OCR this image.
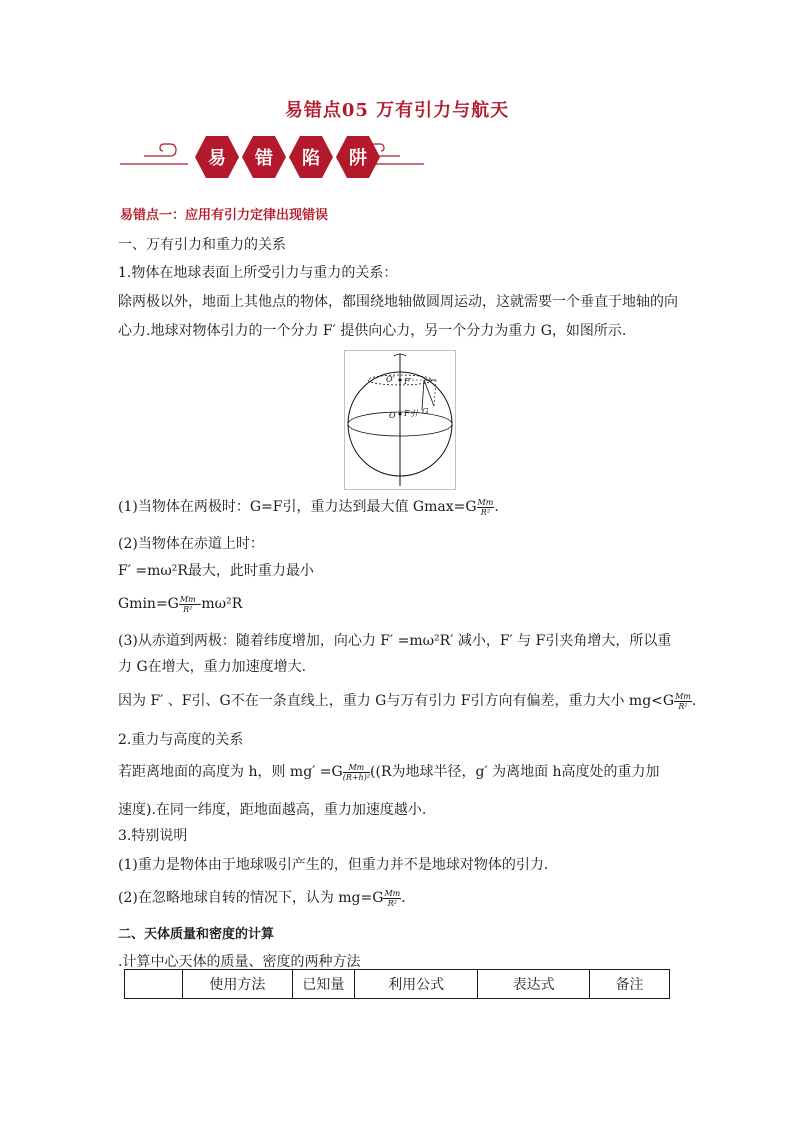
易错点05 万有引力与航天
易 错 陷 阱
易错点一：应用有引力定律出现错误
一、万有引力和重力的关系
1.物体在地球表面上所受引力与重力的关系：
除两极以外，地面上其他点的物体，都围绕地轴做圆周运动，这就需要一个垂直于地轴的向
心力.地球对物体引力的一个分力 F′ 提供向心力，另一个分力为重力 G，如图所示.
O′ F′
O F引 G
(1)当物体在两极时：G=F引，重力达到最大值 $Gmax=G \frac{Mm}{\text{R²}}$ .
(2)当物体在赤道上时：
F′ =mω²R最大，此时重力最小
$Gmin=G \frac{Mm}{\text{R²}} -m\omega^2R$
(3)从赤道到两极：随着纬度增加，向心力 F′ =mω²R′ 减小，F′ 与 F引夹角增大，所以重
力 G在增大，重力加速度增大.
因为 F′ 、F引、G不在一条直线上，重力 G与万有引力 F引方向有偏差，重力大小 $mg<G \frac{Mm}{\text{R²}}$ .
2.重力与高度的关系
若距离地面的高度为 h，则 $mg' =G \frac{Mm}{\text{(R+h)²}} ((R$为地球半径，g′ 为离地面 h高度处的重力加
速度).在同一纬度，距地面越高，重力加速度越小.
3.特别说明
(1)重力是物体由于地球吸引产生的，但重力并不是地球对物体的引力.
(2)在忽略地球自转的情况下，认为 $mg=G \frac{Mm}{\text{R²}}$ .
二、天体质量和密度的计算
.计算中心天体的质量、密度的两种方法
	使用方法	已知量	利用公式	表达式	备注
